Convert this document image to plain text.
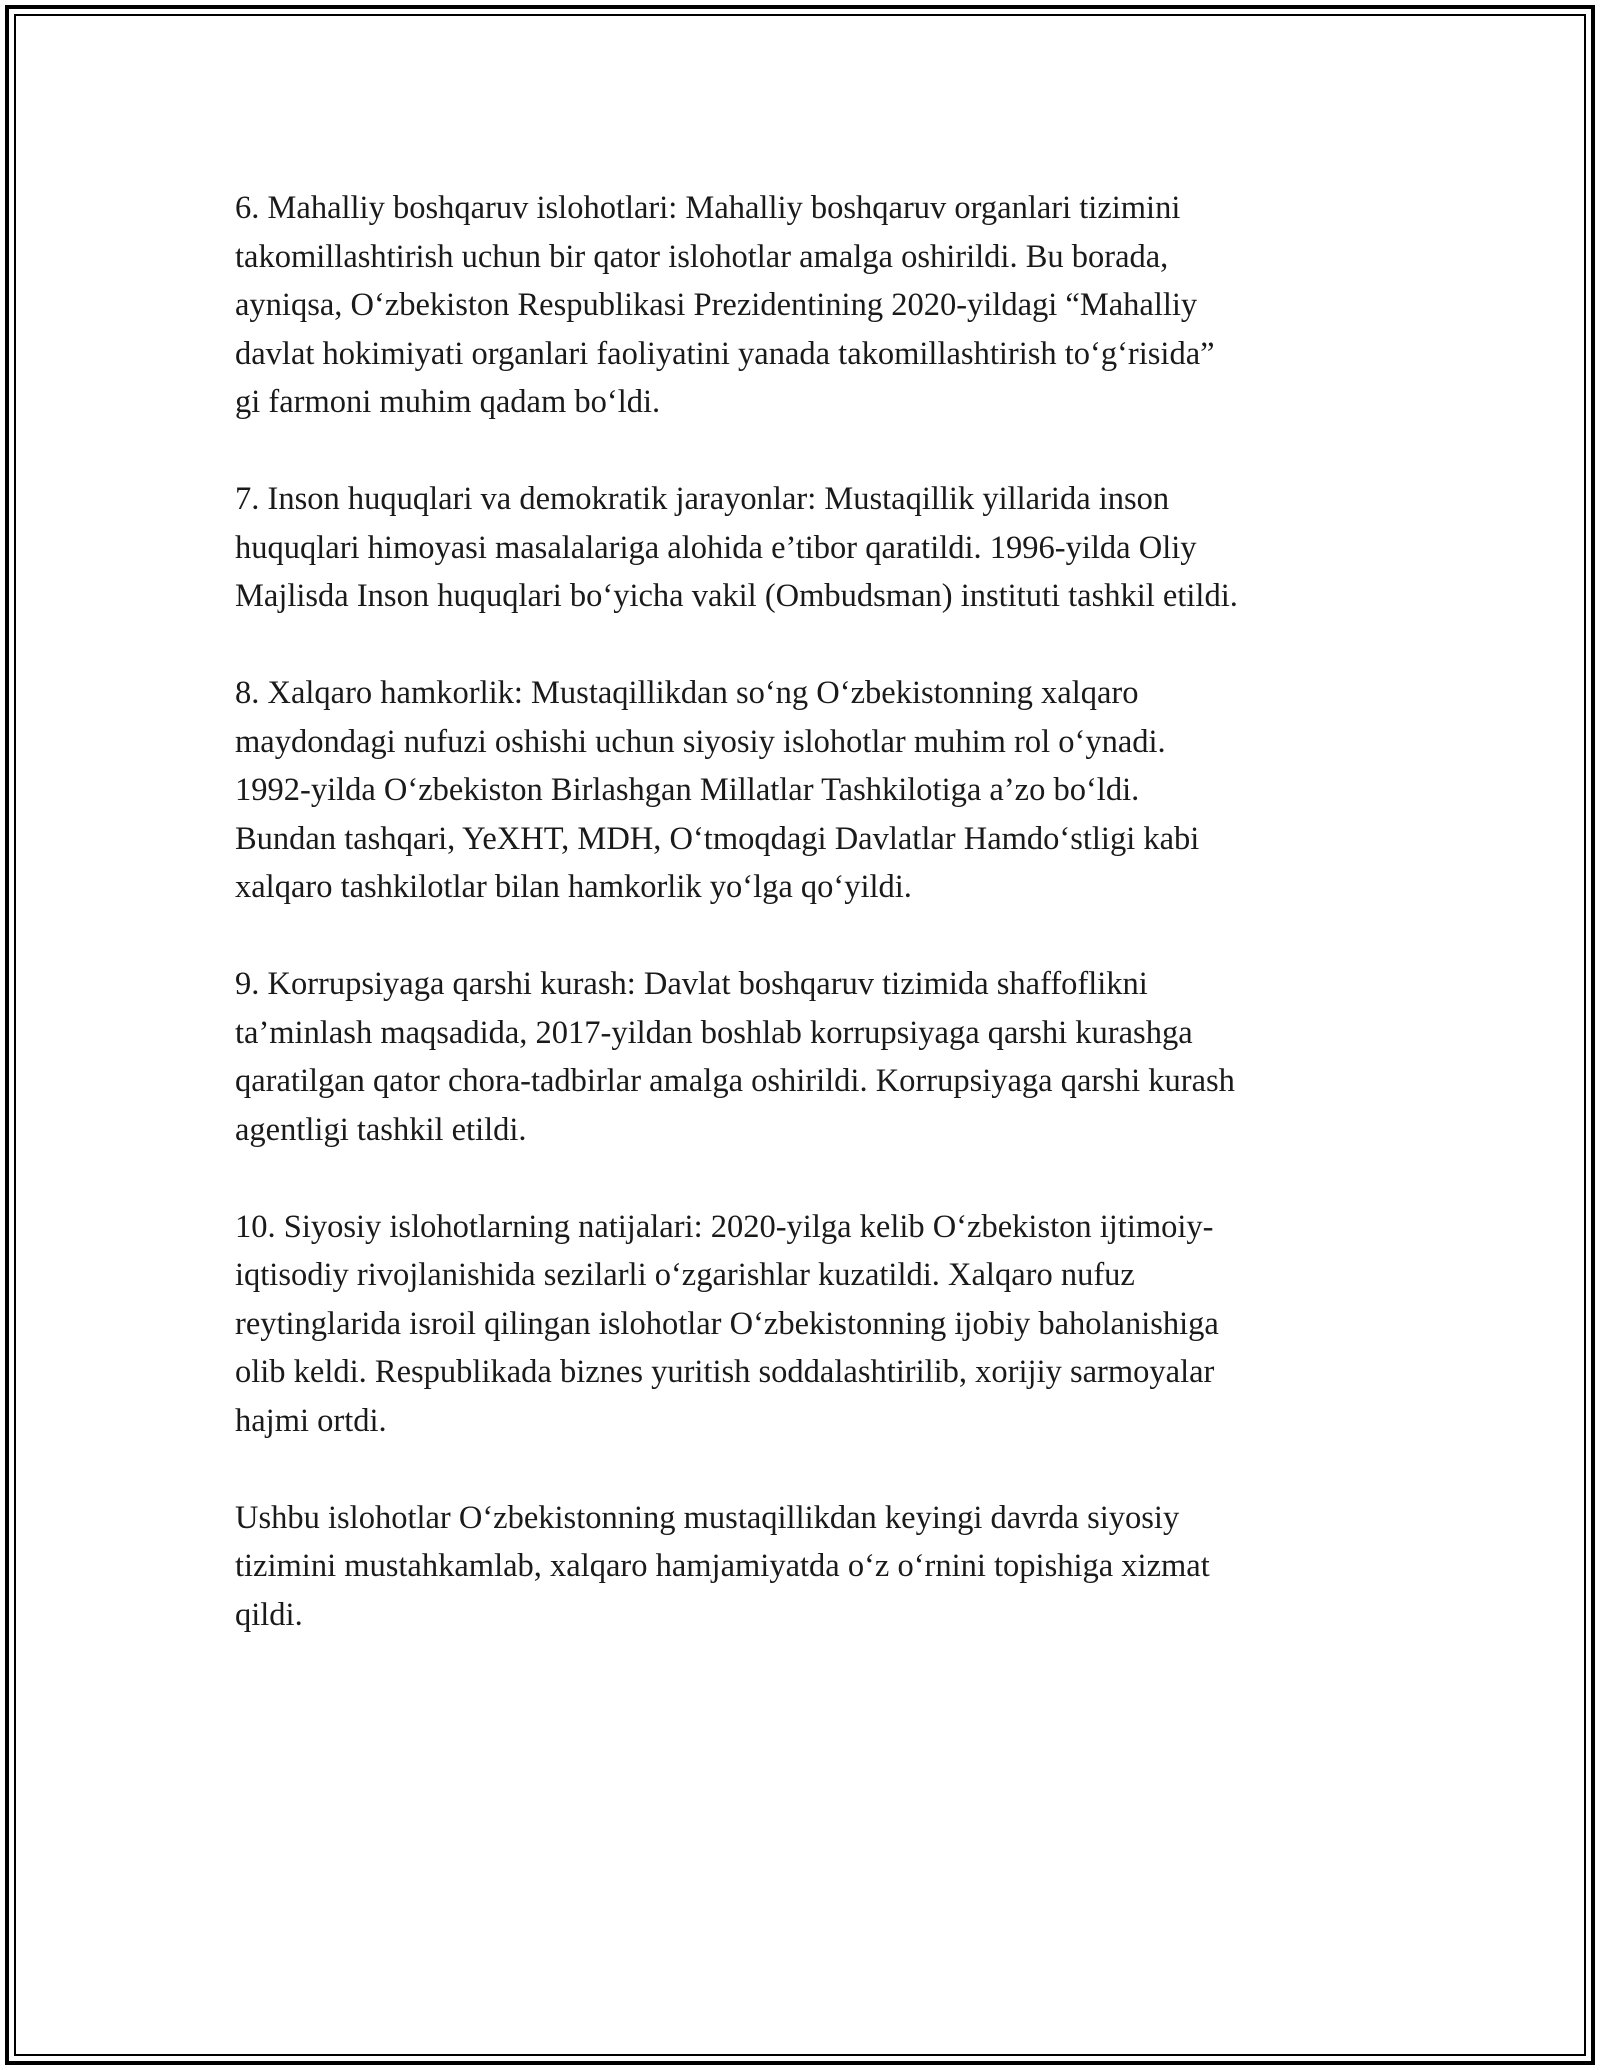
6. Mahalliy boshqaruv islohotlari: Mahalliy boshqaruv organlari tizimini
takomillashtirish uchun bir qator islohotlar amalga oshirildi. Bu borada,
ayniqsa, O‘zbekiston Respublikasi Prezidentining 2020-yildagi “Mahalliy
davlat hokimiyati organlari faoliyatini yanada takomillashtirish to‘g‘risida”
gi farmoni muhim qadam bo‘ldi.

7. Inson huquqlari va demokratik jarayonlar: Mustaqillik yillarida inson
huquqlari himoyasi masalalariga alohida e’tibor qaratildi. 1996-yilda Oliy
Majlisda Inson huquqlari bo‘yicha vakil (Ombudsman) instituti tashkil etildi.

8. Xalqaro hamkorlik: Mustaqillikdan so‘ng O‘zbekistonning xalqaro
maydondagi nufuzi oshishi uchun siyosiy islohotlar muhim rol o‘ynadi.
1992-yilda O‘zbekiston Birlashgan Millatlar Tashkilotiga a’zo bo‘ldi.
Bundan tashqari, YeXHT, MDH, O‘tmoqdagi Davlatlar Hamdo‘stligi kabi
xalqaro tashkilotlar bilan hamkorlik yo‘lga qo‘yildi.

9. Korrupsiyaga qarshi kurash: Davlat boshqaruv tizimida shaffoflikni
ta’minlash maqsadida, 2017-yildan boshlab korrupsiyaga qarshi kurashga
qaratilgan qator chora-tadbirlar amalga oshirildi. Korrupsiyaga qarshi kurash
agentligi tashkil etildi.

10. Siyosiy islohotlarning natijalari: 2020-yilga kelib O‘zbekiston ijtimoiy-
iqtisodiy rivojlanishida sezilarli o‘zgarishlar kuzatildi. Xalqaro nufuz
reytinglarida isroil qilingan islohotlar O‘zbekistonning ijobiy baholanishiga
olib keldi. Respublikada biznes yuritish soddalashtirilib, xorijiy sarmoyalar
hajmi ortdi.

Ushbu islohotlar O‘zbekistonning mustaqillikdan keyingi davrda siyosiy
tizimini mustahkamlab, xalqaro hamjamiyatda o‘z o‘rnini topishiga xizmat
qildi.
